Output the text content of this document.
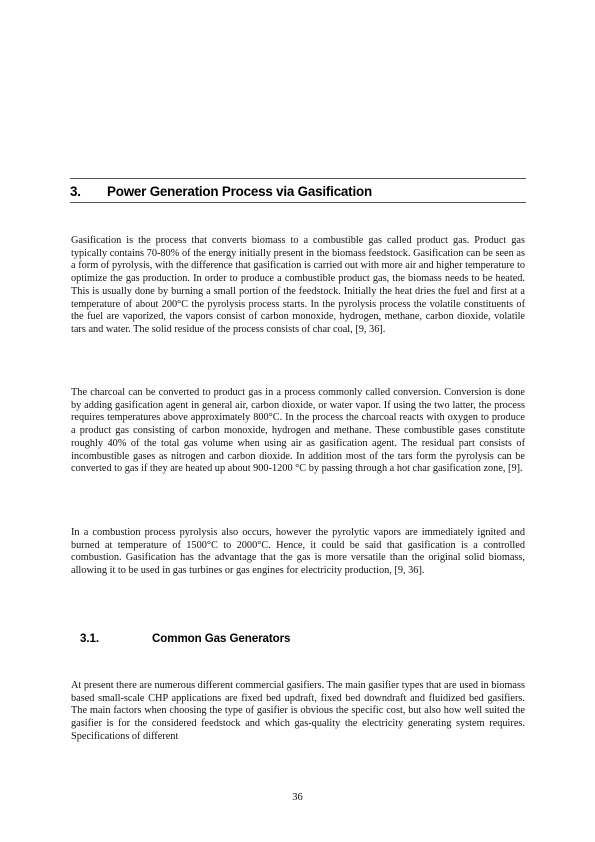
3. Power Generation Process via Gasification

Gasification is the process that converts biomass to a combustible gas called product gas. Product gas typically contains 70-80% of the energy initially present in the biomass feedstock. Gasification can be seen as a form of pyrolysis, with the difference that gasification is carried out with more air and higher temperature to optimize the gas production. In order to produce a combustible product gas, the biomass needs to be heated. This is usually done by burning a small portion of the feedstock. Initially the heat dries the fuel and first at a temperature of about 200°C the pyrolysis process starts. In the pyrolysis process the volatile constituents of the fuel are vaporized, the vapors consist of carbon monoxide, hydrogen, methane, carbon dioxide, volatile tars and water. The solid residue of the process consists of char coal, [9, 36].

The charcoal can be converted to product gas in a process commonly called conversion. Conversion is done by adding gasification agent in general air, carbon dioxide, or water vapor. If using the two latter, the process requires temperatures above approximately 800°C. In the process the charcoal reacts with oxygen to produce a product gas consisting of carbon monoxide, hydrogen and methane. These combustible gases constitute roughly 40% of the total gas volume when using air as gasification agent. The residual part consists of incombustible gases as nitrogen and carbon dioxide. In addition most of the tars form the pyrolysis can be converted to gas if they are heated up about 900-1200 °C by passing through a hot char gasification zone, [9].

In a combustion process pyrolysis also occurs, however the pyrolytic vapors are immediately ignited and burned at temperature of 1500°C to 2000°C. Hence, it could be said that gasification is a controlled combustion. Gasification has the advantage that the gas is more versatile than the original solid biomass, allowing it to be used in gas turbines or gas engines for electricity production, [9, 36].

3.1.	Common Gas Generators

At present there are numerous different commercial gasifiers. The main gasifier types that are used in biomass based small-scale CHP applications are fixed bed updraft, fixed bed downdraft and fluidized bed gasifiers. The main factors when choosing the type of gasifier is obvious the specific cost, but also how well suited the gasifier is for the considered feedstock and which gas-quality the electricity generating system requires. Specifications of different

36
